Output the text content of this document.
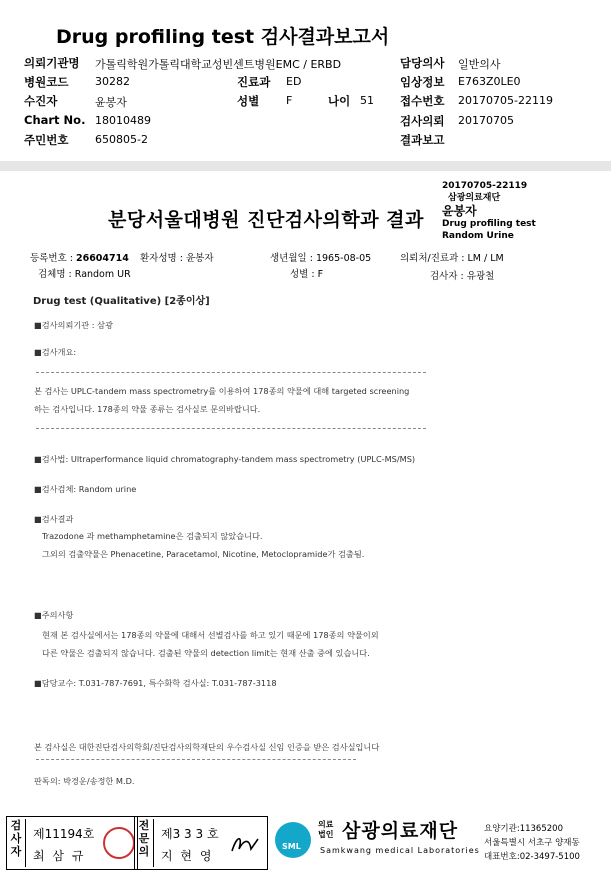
Drug profiling test 검사결과보고서
의뢰기관명 가톨릭학원가톨릭대학교성빈센트병원EMC / ERBD
병원코드 30282
수진자	윤봉자
Chart No. 18010489
주민번호 650805-2
진료과 ED
성별 F	나이 51
담당의사 일반의사
임상정보 E763Z0LE0
접수번호 20170705-22119
검사의뢰 20170705
결과보고
분당서울대병원 진단검사의학과 결과
20170705-22119
삼광의료재단
윤봉자
Drug profiling test
Random Urine
등록번호 : 26604714 환자성명 : 윤봉자	생년월일 : 1965-08-05	의뢰처/진료과 : LM / LM
검체명 : Random UR	성별 : F	검사자 : 유광철
Drug test (Qualitative) [2종이상]
■검사의뢰기관 : 삼광
■검사개요:
본 검사는 UPLC-tandem mass spectrometry를 이용하여 178종의 약물에 대해 targeted screening
하는 검사입니다. 178종의 약물 종류는 검사실로 문의바랍니다.
■검사법: Ultraperformance liquid chromatography-tandem mass spectrometry (UPLC-MS/MS)
■검사검체: Random urine
■검사결과
Trazodone 과 methamphetamine은 검출되지 않았습니다.
그외의 검출약물은 Phenacetine, Paracetamol, Nicotine, Metoclopramide가 검출됨.
■주의사항
현재 본 검사실에서는 178종의 약물에 대해서 선별검사를 하고 있기 때문에 178종의 약물이외
다른 약물은 검출되지 않습니다. 검출된 약물의 detection limit는 현재 산출 중에 있습니다.
■담당교수: T.031-787-7691, 특수화학 검사실: T.031-787-3118
본 검사실은 대한진단검사의학회/진단검사의학재단의 우수검사실 신임 인증을 받은 검사실입니다
판독의: 박경운/송정한 M.D.
검
사
자
제11194호
최 삼 규
전
문
의
제3 3 3 호
지 현 영
SML
의료
법인 삼광의료재단
Samkwang medical Laboratories
요양기관:11365200
서울특별시 서초구 양재동
대표번호:02-3497-5100
